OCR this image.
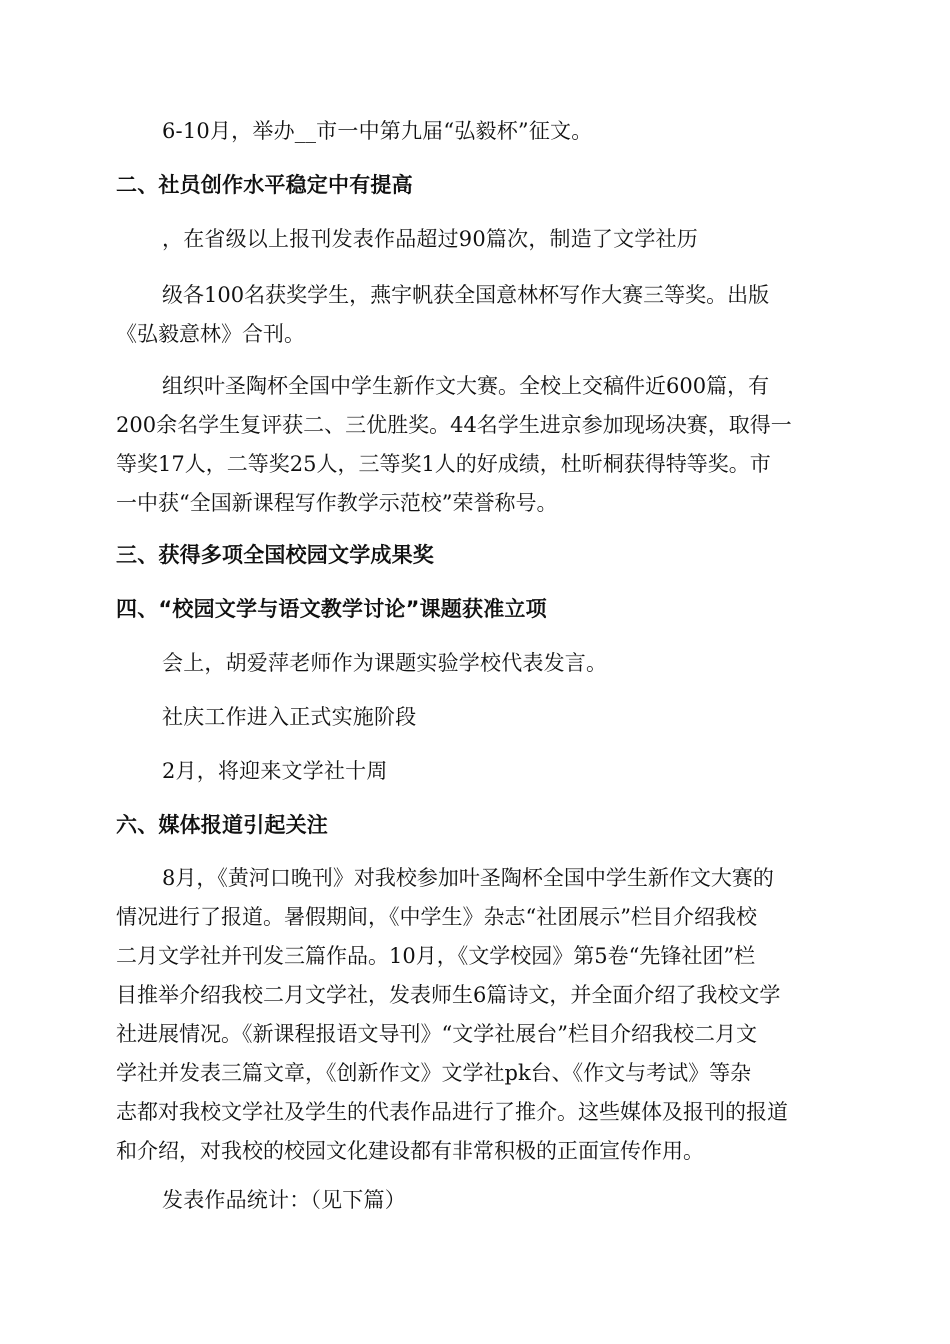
6-10月，举办__市一中第九届“弘毅杯”征文。
二、社员创作水平稳定中有提高
，在省级以上报刊发表作品超过90篇次，制造了文学社历
级各100名获奖学生，燕宇帆获全国意林杯写作大赛三等奖。出版
《弘毅意林》合刊。
组织叶圣陶杯全国中学生新作文大赛。全校上交稿件近600篇，有
200余名学生复评获二、三优胜奖。44名学生进京参加现场决赛，取得一
等奖17人，二等奖25人，三等奖1人的好成绩，杜昕桐获得特等奖。市
一中获“全国新课程写作教学示范校”荣誉称号。
三、获得多项全国校园文学成果奖
四、“校园文学与语文教学讨论”课题获准立项
会上，胡爱萍老师作为课题实验学校代表发言。
社庆工作进入正式实施阶段
2月，将迎来文学社十周
六、媒体报道引起关注
8月，《黄河口晚刊》对我校参加叶圣陶杯全国中学生新作文大赛的
情况进行了报道。暑假期间，《中学生》杂志“社团展示”栏目介绍我校
二月文学社并刊发三篇作品。10月，《文学校园》第5卷“先锋社团”栏
目推举介绍我校二月文学社，发表师生6篇诗文，并全面介绍了我校文学
社进展情况。《新课程报语文导刊》“文学社展台”栏目介绍我校二月文
学社并发表三篇文章，《创新作文》文学社pk台、《作文与考试》等杂
志都对我校文学社及学生的代表作品进行了推介。这些媒体及报刊的报道
和介绍，对我校的校园文化建设都有非常积极的正面宣传作用。
发表作品统计：（见下篇）
